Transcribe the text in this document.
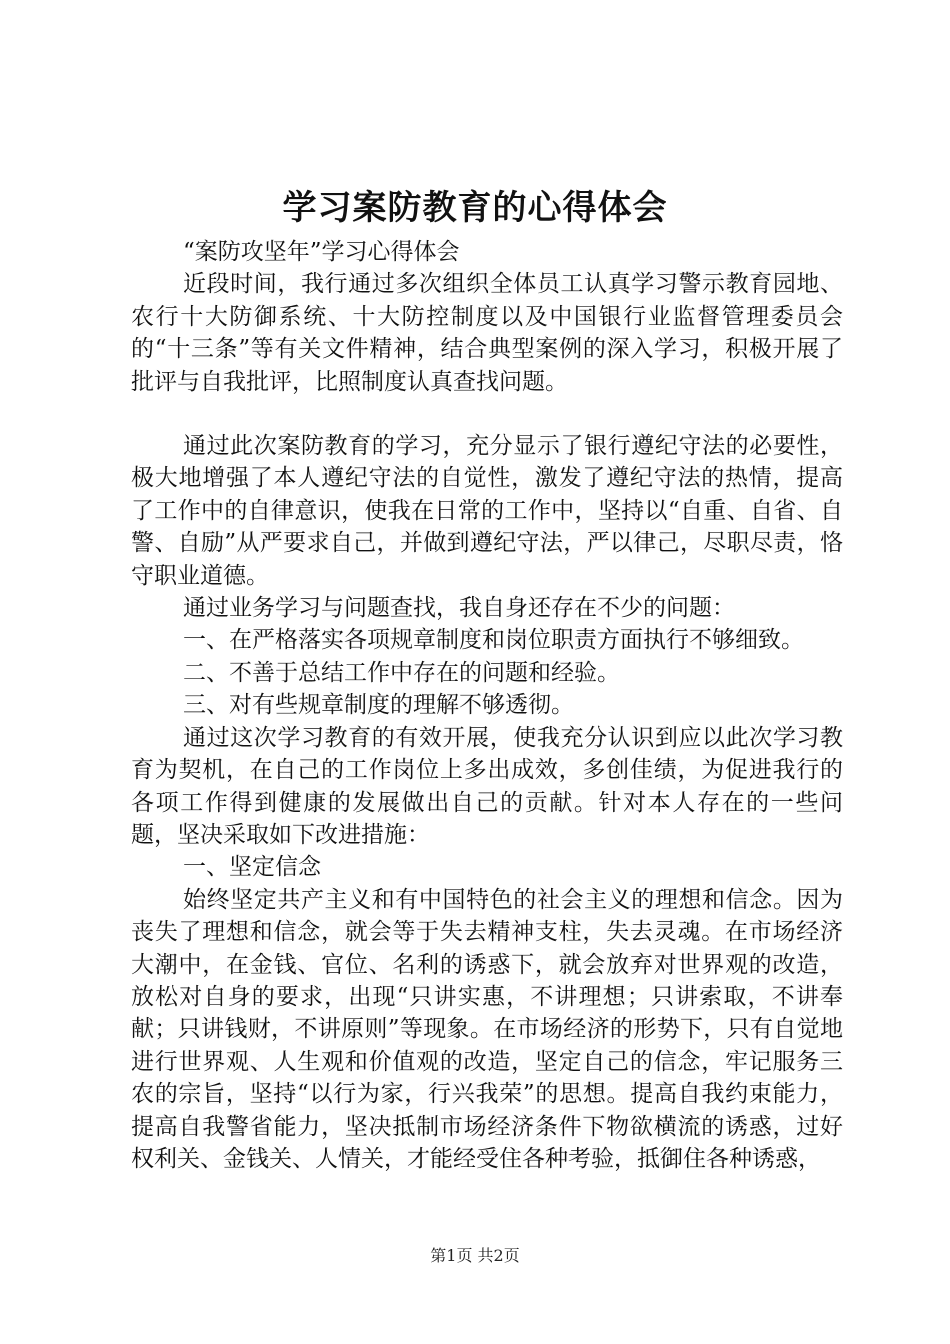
学习案防教育的心得体会

“案防攻坚年”学习心得体会

近段时间，我行通过多次组织全体员工认真学习警示教育园地、农行十大防御系统、十大防控制度以及中国银行业监督管理委员会的“十三条”等有关文件精神，结合典型案例的深入学习，积极开展了批评与自我批评，比照制度认真查找问题。

通过此次案防教育的学习，充分显示了银行遵纪守法的必要性，极大地增强了本人遵纪守法的自觉性，激发了遵纪守法的热情，提高了工作中的自律意识，使我在日常的工作中，坚持以“自重、自省、自警、自励”从严要求自己，并做到遵纪守法，严以律己，尽职尽责，恪守职业道德。

通过业务学习与问题查找，我自身还存在不少的问题：

一、在严格落实各项规章制度和岗位职责方面执行不够细致。

二、不善于总结工作中存在的问题和经验。

三、对有些规章制度的理解不够透彻。

通过这次学习教育的有效开展，使我充分认识到应以此次学习教育为契机，在自己的工作岗位上多出成效，多创佳绩，为促进我行的各项工作得到健康的发展做出自己的贡献。针对本人存在的一些问题，坚决采取如下改进措施：

一、坚定信念

始终坚定共产主义和有中国特色的社会主义的理想和信念。因为丧失了理想和信念，就会等于失去精神支柱，失去灵魂。在市场经济大潮中，在金钱、官位、名利的诱惑下，就会放弃对世界观的改造，放松对自身的要求，出现“只讲实惠，不讲理想；只讲索取，不讲奉献；只讲钱财，不讲原则”等现象。在市场经济的形势下，只有自觉地进行世界观、人生观和价值观的改造，坚定自己的信念，牢记服务三农的宗旨，坚持“以行为家，行兴我荣”的思想。提高自我约束能力，提高自我警省能力，坚决抵制市场经济条件下物欲横流的诱惑，过好权利关、金钱关、人情关，才能经受住各种考验，抵御住各种诱惑，

第1页 共2页
